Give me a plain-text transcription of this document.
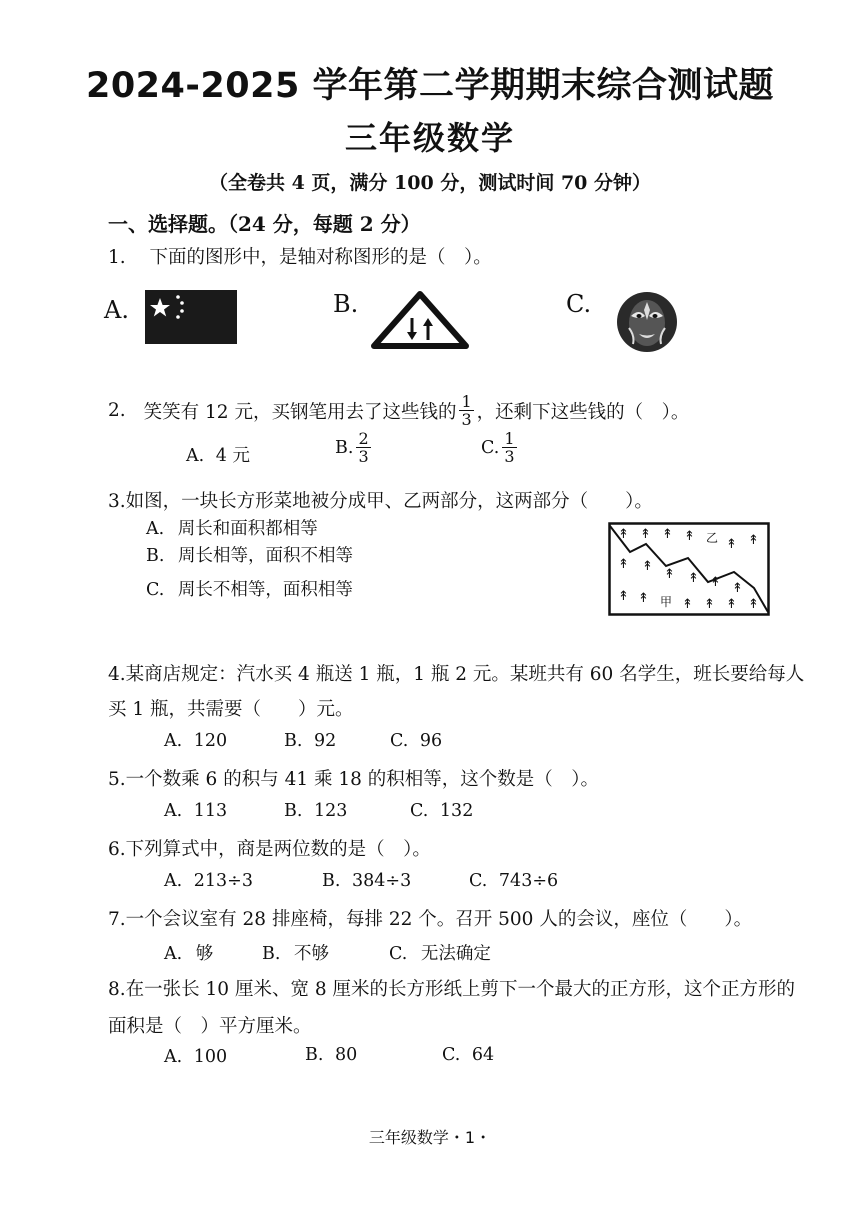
2024-2025 学年第二学期期末综合测试题
三年级数学
（全卷共 4 页，满分 100 分，测试时间 70 分钟）
一、选择题。（24 分，每题 2 分）
1. 下面的图形中，是轴对称图形的是（　）。
A.	B.	C.
2. 笑笑有 12 元，买钢笔用去了这些钱的 $\frac{1}{3}$ ，还剩下这些钱的（　）。
A. 4 元	B. $\frac{2}{3}$	C. $\frac{1}{3}$
3.如图，一块长方形菜地被分成甲、乙两部分，这两部分（　　）。
A. 周长和面积都相等
B. 周长相等，面积不相等
C. 周长不相等，面积相等
↟ ↟ ↟ ↟
↟ ↟
↟ ↟
↟ ↟ ↟ ↟
↟ ↟	↟ ↟ ↟ ↟
乙
甲
4.某商店规定：汽水买 4 瓶送 1 瓶，1 瓶 2 元。某班共有 60 名学生，班长要给每人
买 1 瓶，共需要（　　）元。
A. 120	B. 92	C. 96
5.一个数乘 6 的积与 41 乘 18 的积相等，这个数是（　）。
A. 113	B. 123	C. 132
6.下列算式中，商是两位数的是（　）。
A. 213÷3	B. 384÷3	C. 743÷6
7.一个会议室有 28 排座椅，每排 22 个。召开 500 人的会议，座位（　　）。
A. 够	B. 不够	C. 无法确定
8.在一张长 10 厘米、宽 8 厘米的长方形纸上剪下一个最大的正方形，这个正方形的
面积是（　）平方厘米。
A. 100	B. 80	C. 64
三年级数学・1・
